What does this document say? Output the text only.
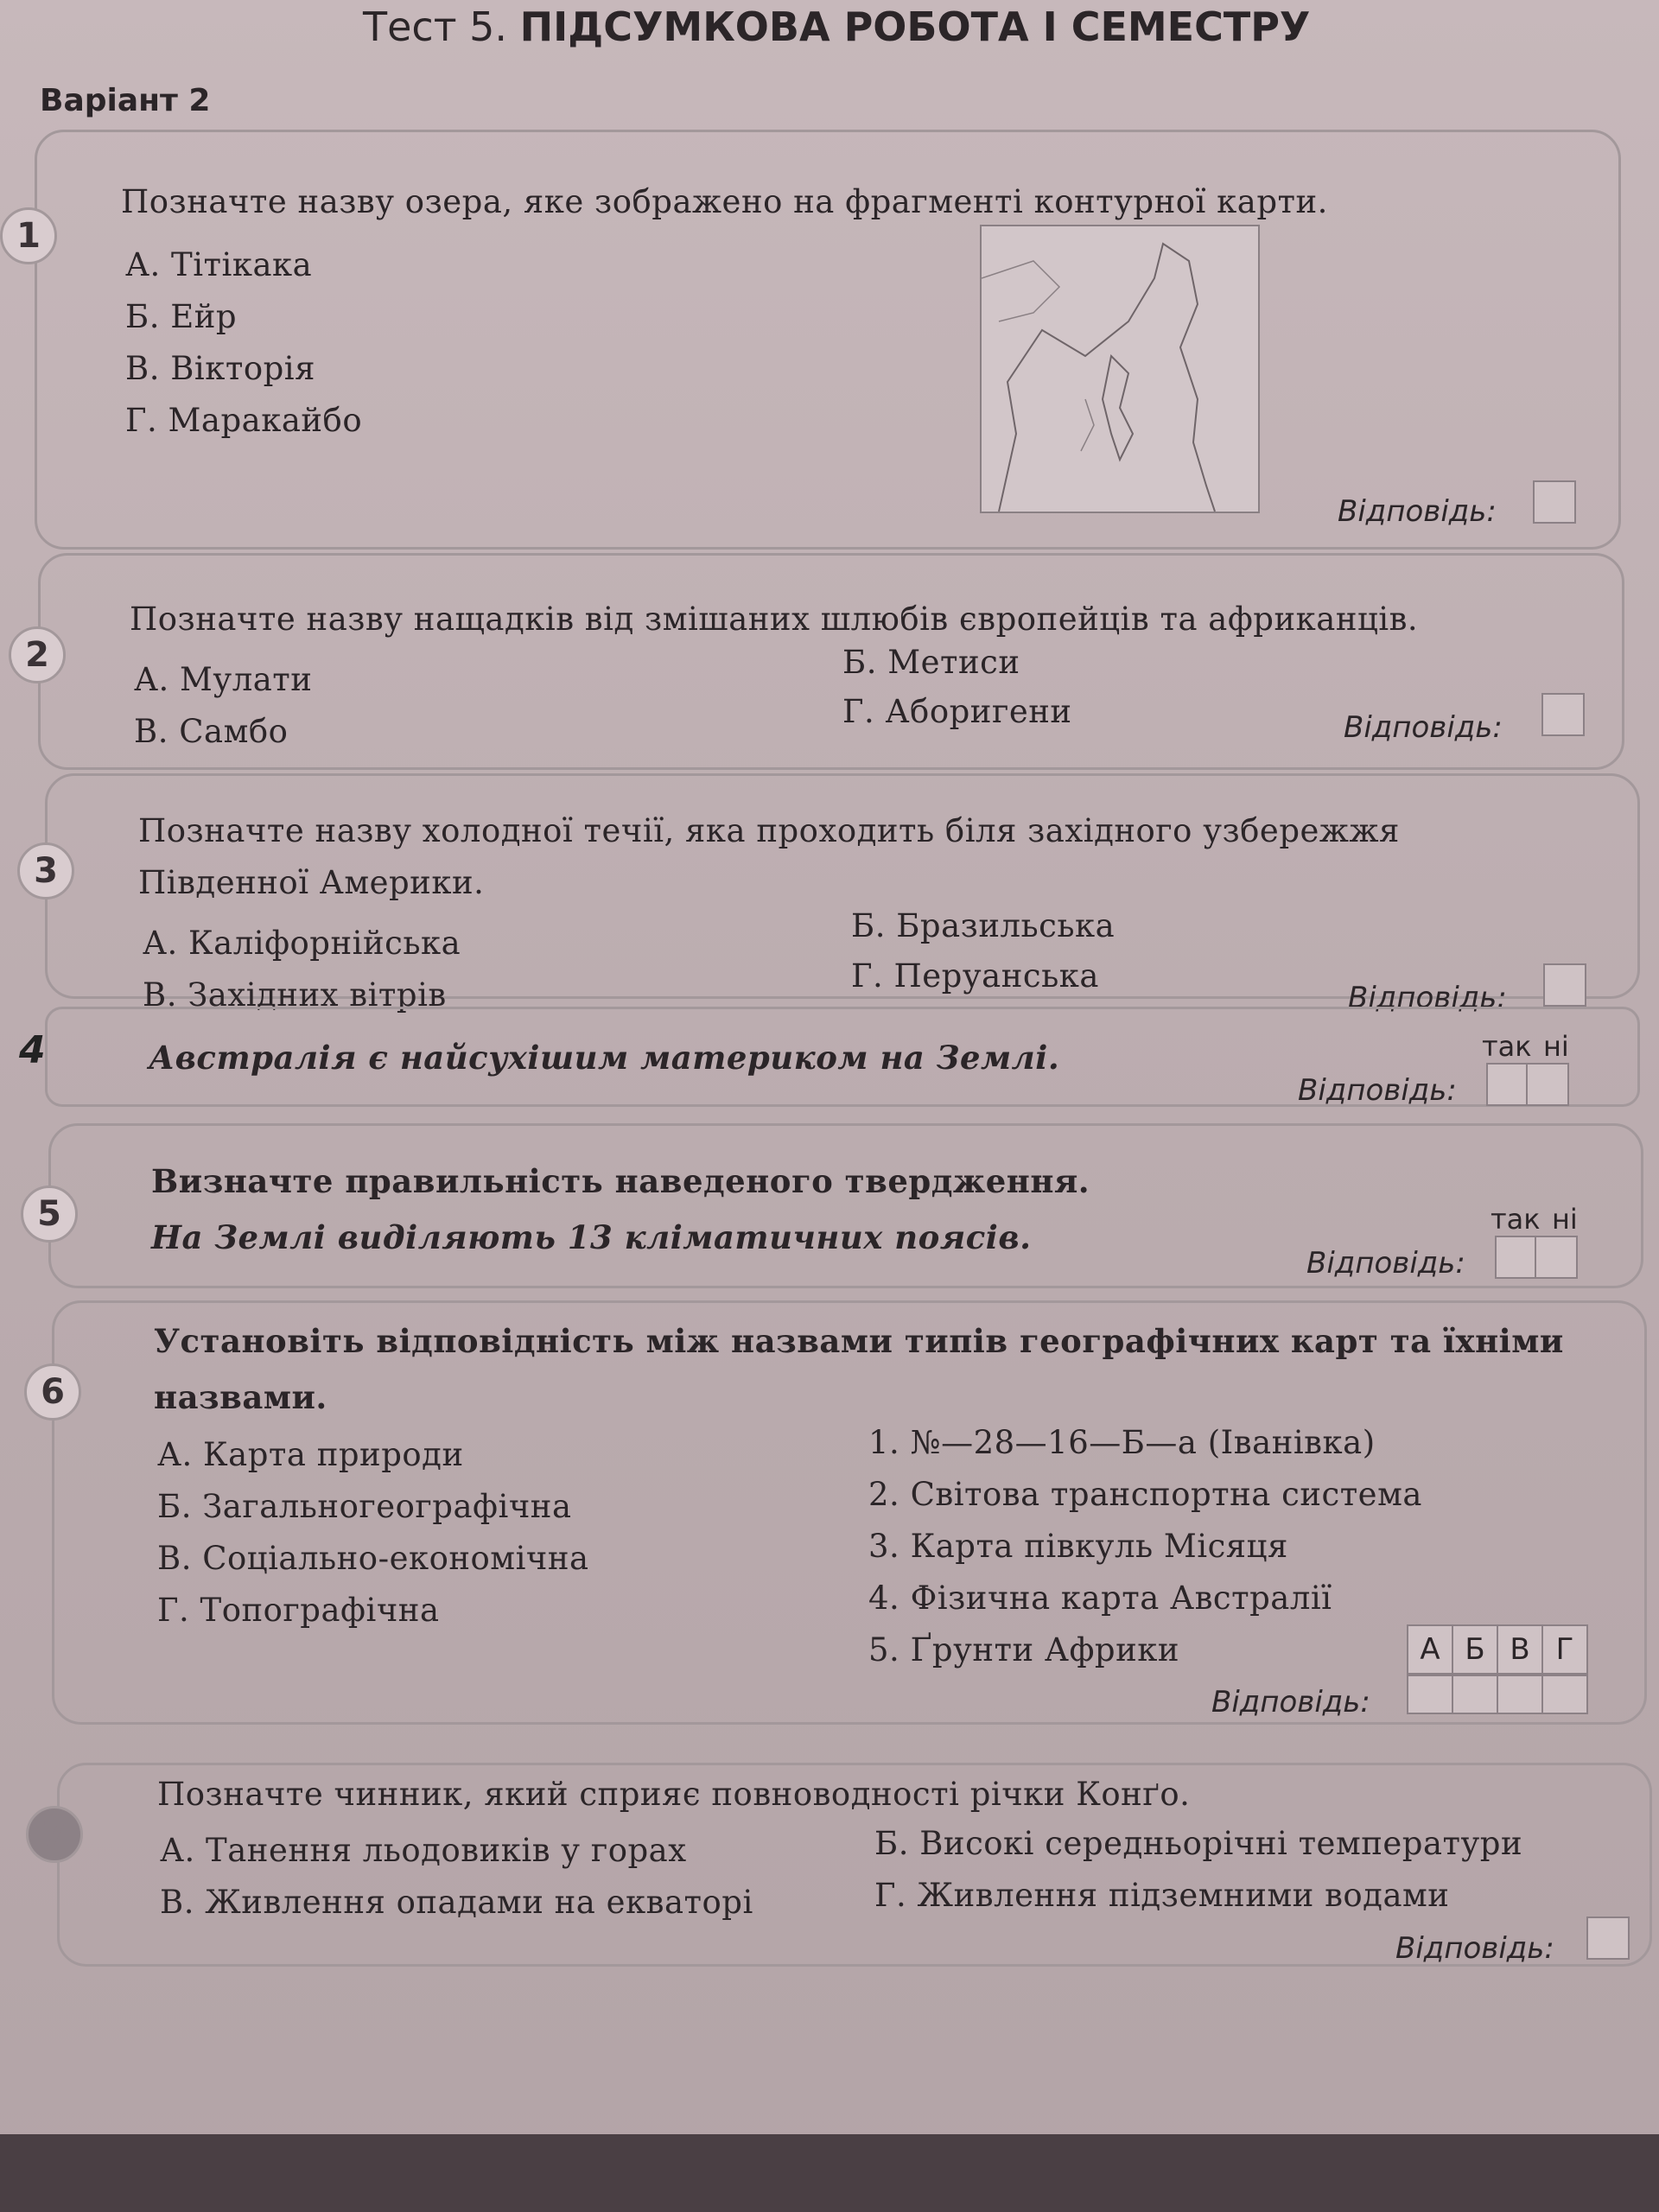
Тест 5. ПІДСУМКОВА РОБОТА І СЕМЕСТРУ
Варіант 2
1
Позначте назву озера, яке зображено на фрагменті контурної карти.
А. Тітікака
Б. Ейр
В. Вікторія
Г. Маракайбо
Відповідь:
2
Позначте назву нащадків від змішаних шлюбів європейців та африканців.
А. Мулати	Б. Метиси
В. Самбо
Г. Аборигени	Відповідь:
3
Позначте назву холодної течії, яка проходить біля західного узбережжя
Південної Америки.
А. Каліфорнійська	Б. Бразильська
В. Західних вітрів
Г. Перуанська
Відповідь:
4	Австралія є найсухішим материком на Землі.	так ні
Відповідь:
5
Визначте правильність наведеного твердження.
На Землі виділяють 13 кліматичних поясів.	так ні
Відповідь:
6
Установіть відповідність між назвами типів географічних карт та їхніми
назвами.
А. Карта природи
Б. Загальногеографічна
В. Соціально-економічна
Г. Топографічна
1. №—28—16—Б—а (Іванівка)
2. Світова транспортна система
3. Карта півкуль Місяця
4. Фізична карта Австралії
5. Ґрунти Африки	А Б В Г
Відповідь:
7
Позначте чинник, який сприяє повноводності річки Конґо.
А. Танення льодовиків у горах	Б. Високі середньорічні температури
В. Живлення опадами на екваторі	Г. Живлення підземними водами
Відповідь:
